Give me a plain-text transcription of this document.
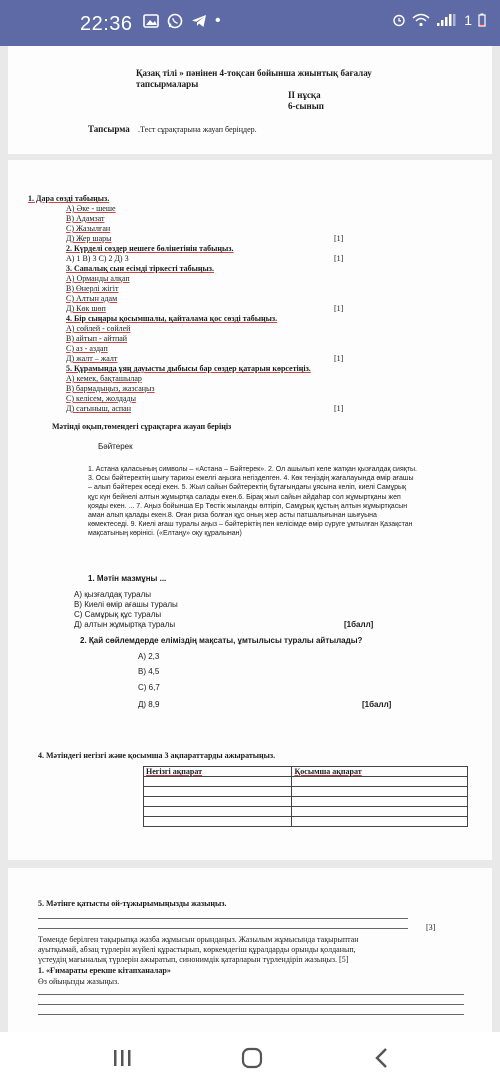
22:36	•	1
Қазақ тілі » пәнінен 4-тоқсан бойынша жиынтық бағалау
тапсырмалары
II нұсқа
6-сынып
Тапсырма .Тест сұрақтарына жауап беріңдер.
1. Дара сөзді табыңыз.
А) Әке - шеше
В) Адамзат
С) Жазылған
Д) Жер шары	[1]
2. Күрделі сөздер нешеге бөлінетінін табыңыз.
А) 1 В) 3 С) 2 Д) 3	[1]
3. Сапалық сын есімді тіркесті табыңыз.
А) Орманды алқап
В) Өнерлі жігіт
С) Алтын адам
Д) Көк шөп	[1]
4. Бір сыңары қосымшалы, қайталама қос сөзді табыңыз.
А) сөйлей - сөйлей
В) айтып - айтпай
С) аз - аздап
Д) жалт – жалт	[1]
5. Құрамында ұяң дауысты дыбысы бар сөздер қатарын көрсетіңіз.
А) кемек, бақташылар
В) бармадыңыз, жазсаңыз
С) келісем, жолдады
Д) сағыныш, аспан	[1]
Мәтінді оқып,төмендегі сұрақтарға жауап беріңіз
Бәйтерек
1. Астана қаласының символы – «Астана – Бәйтерек». 2. Ол ашылып келе жатқан қызғалдақ сияқты. 3. Осы бәйтеректің шығу тарихы ежелгі аңызға негізделген. 4. Көк теңіздің жағалауында өмір ағашы – алып бәйтерек өседі екен. 5. Жыл сайын бәйтеректің бұтағындағы ұясына келіп, киелі Самұрық құс күн бейнелі алтын жұмыртқа салады екен.6. Бірақ жыл сайын айдаһар сол жұмыртқаны жеп қояды екен. ... 7. Аңыз бойынша Ер Төстік жыланды өлтіріп, Самұрық құстың алтын жұмыртқасын аман алып қалады екен.8. Оған риза болған құс оның жер асты патшалығынан шығуына көмектеседі. 9. Киелі ағаш туралы аңыз – бәйтеріктің пен келісімде өмір сүруге ұмтылған Қазақстан мақсатының көрінісі. («Елтаңу» оқу құралынан)
1. Мәтін мазмұны ...
А) қызғалдақ туралы
В) Киелі өмір ағашы туралы
С) Самұрық құс туралы
Д) алтын жұмыртқа туралы	[1балл]
2. Қай сөйлемдерде еліміздің мақсаты, ұмтылысы туралы айтылады?
А) 2,3
В) 4,5
С) 6,7
Д) 8,9	[1балл]
4. Мәтіндегі негізгі және қосымша 3 ақпараттарды ажыратыңыз.
Негізгі ақпарат	Қосымша ақпарат

5. Мәтінге қатысты ой-тұжырымыңызды жазыңыз.
[3]
Төменде берілген тақырыпқа жазба жұмысын орындаңыз. Жазылым жұмысында тақырыптан
ауытқымай, абзац түрлерін жүйелі құрастырып, көркемдегіш құралдарды орынды қолданып,
үстеудің мағыналық түрлерін ажыратып, синонимдік қатарларын түрлендіріп жазыңыз. [5]
1. «Ғимараты ерекше кітапханалар»
Өз ойыңызды жазыңыз.
